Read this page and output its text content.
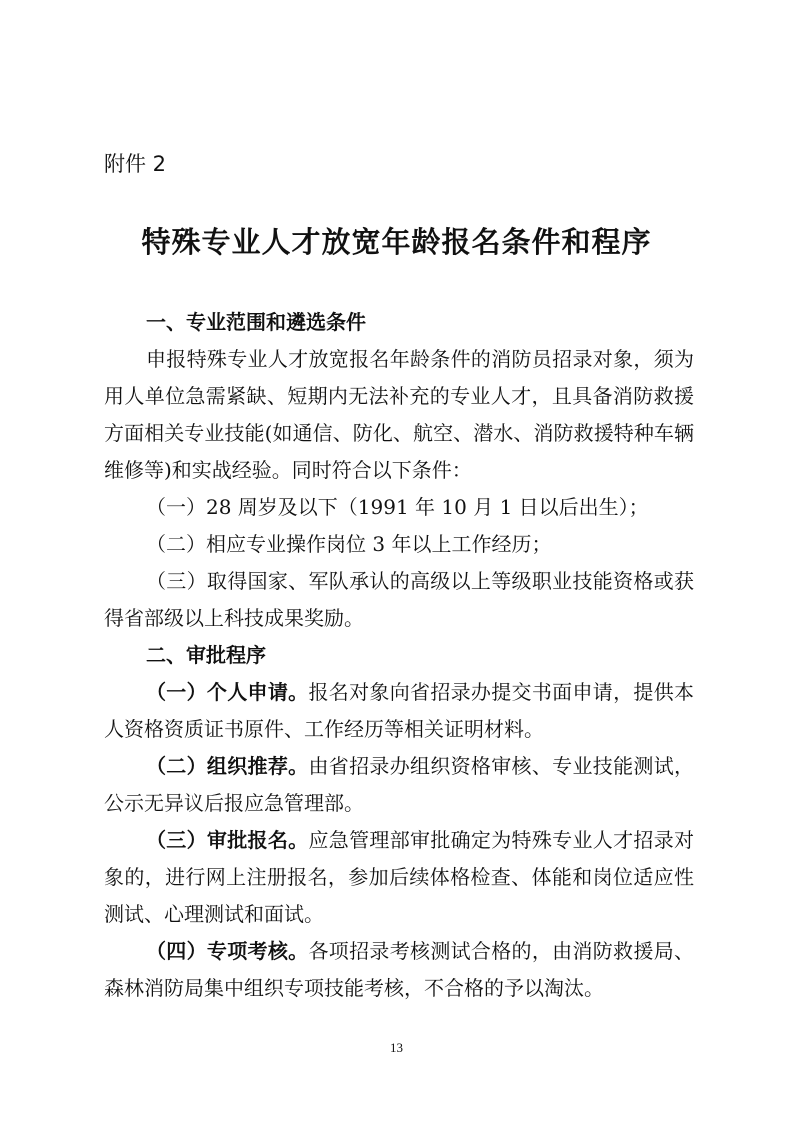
附件 2

特殊专业人才放宽年龄报名条件和程序

一、专业范围和遴选条件

申报特殊专业人才放宽报名年龄条件的消防员招录对象，须为用人单位急需紧缺、短期内无法补充的专业人才，且具备消防救援方面相关专业技能(如通信、防化、航空、潜水、消防救援特种车辆维修等)和实战经验。同时符合以下条件：

（一）28 周岁及以下（1991 年 10 月 1 日以后出生）；

（二）相应专业操作岗位 3 年以上工作经历；

（三）取得国家、军队承认的高级以上等级职业技能资格或获得省部级以上科技成果奖励。

二、审批程序

（一）个人申请。报名对象向省招录办提交书面申请，提供本人资格资质证书原件、工作经历等相关证明材料。

（二）组织推荐。由省招录办组织资格审核、专业技能测试，公示无异议后报应急管理部。

（三）审批报名。应急管理部审批确定为特殊专业人才招录对象的，进行网上注册报名，参加后续体格检查、体能和岗位适应性测试、心理测试和面试。

（四）专项考核。各项招录考核测试合格的，由消防救援局、森林消防局集中组织专项技能考核，不合格的予以淘汰。

13
